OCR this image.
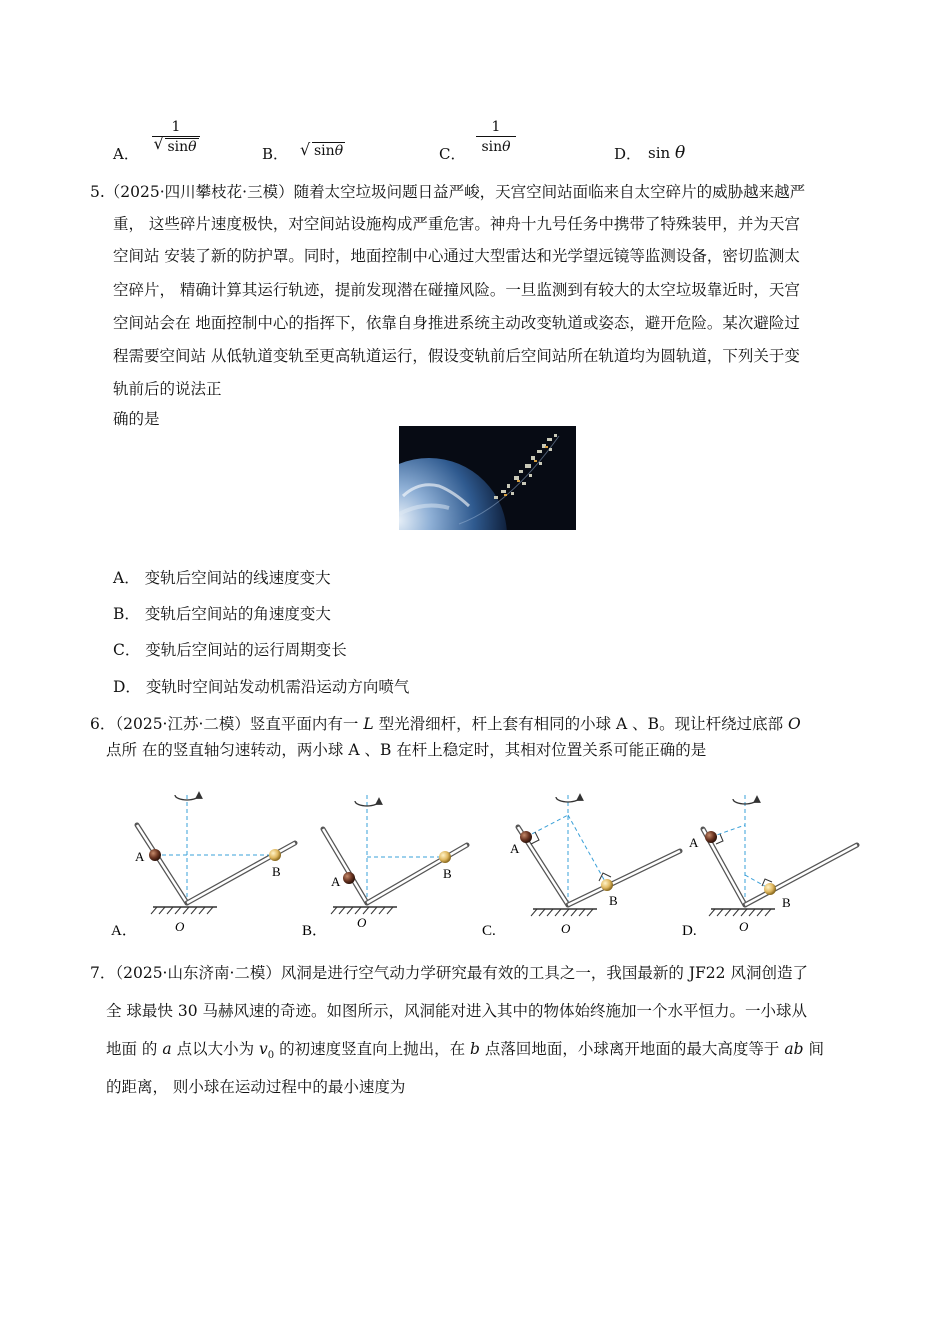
A．
1
√ sinθ	B． √ sinθ	C．
1
sinθ	D． sin θ
5.（2025·四川攀枝花·三模）随着太空垃圾问题日益严峻，天宫空间站面临来自太空碎片的威胁越来越严
重， 这些碎片速度极快，对空间站设施构成严重危害。神舟十九号任务中携带了特殊装甲，并为天宫
空间站 安装了新的防护罩。同时，地面控制中心通过大型雷达和光学望远镜等监测设备，密切监测太
空碎片， 精确计算其运行轨迹，提前发现潜在碰撞风险。一旦监测到有较大的太空垃圾靠近时，天宫
空间站会在 地面控制中心的指挥下，依靠自身推进系统主动改变轨道或姿态，避开危险。某次避险过
程需要空间站 从低轨道变轨至更高轨道运行，假设变轨前后空间站所在轨道均为圆轨道，下列关于变
轨前后的说法正
确的是
A． 变轨后空间站的线速度变大
B． 变轨后空间站的角速度变大
C． 变轨后空间站的运行周期变长
D． 变轨时空间站发动机需沿运动方向喷气
6．（2025·江苏·二模）竖直平面内有一 L 型光滑细杆，杆上套有相同的小球 A 、B。现让杆绕过底部 O
点所 在的竖直轴匀速转动，两小球 A 、B 在杆上稳定时，其相对位置关系可能正确的是
A
B
O
A．
A
B
O
B．
A
B
O
C.
A
B
O
D.
7．（2025·山东济南·二模）风洞是进行空气动力学研究最有效的工具之一，我国最新的 JF22 风洞创造了
全 球最快 30 马赫风速的奇迹。如图所示，风洞能对进入其中的物体始终施加一个水平恒力。一小球从
地面 的 a 点以大小为 $v_0$ 的初速度竖直向上抛出，在 b 点落回地面，小球离开地面的最大高度等于 ab 间
的距离， 则小球在运动过程中的最小速度为
